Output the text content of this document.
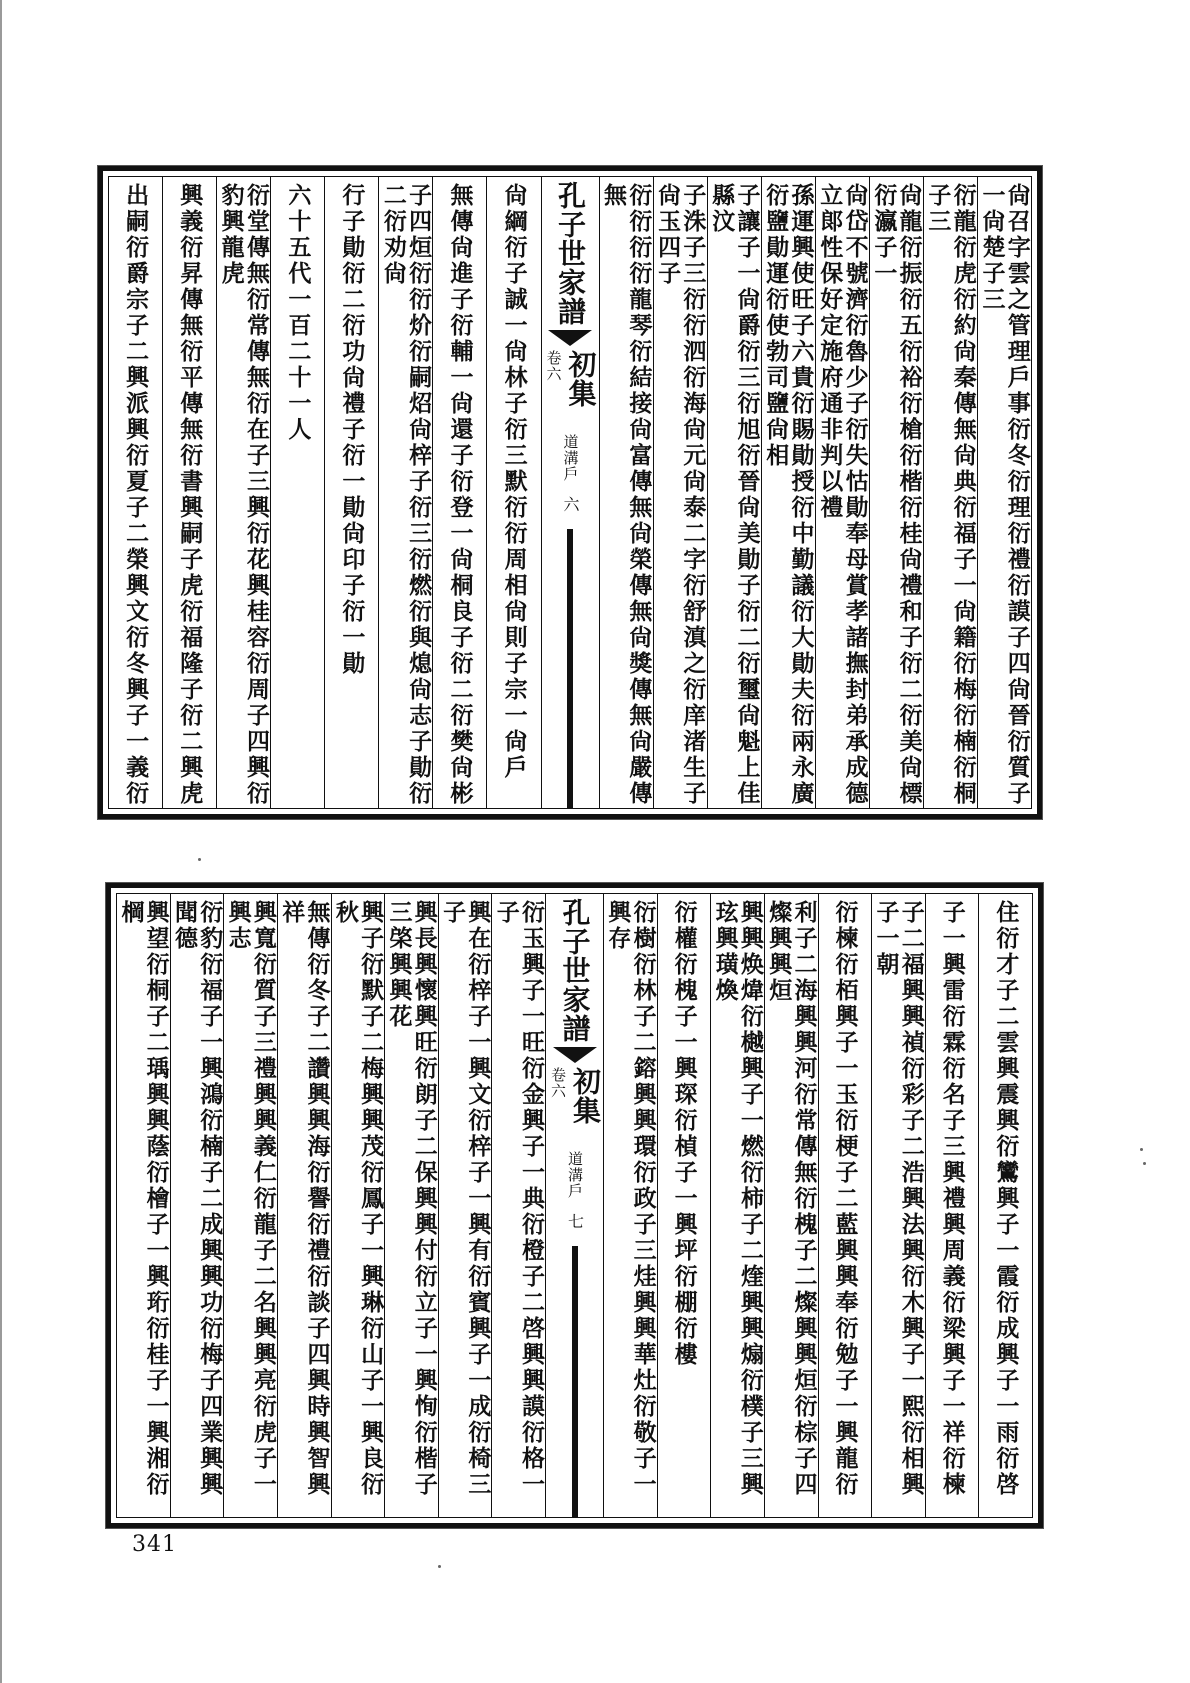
尙召字雲之管理戶事衍冬衍理衍禮衍謨子四尙晉衍質子一尙楚子三
衍龍衍虎衍約尙秦傳無尙典衍福子一尙籍衍梅衍楠衍桐子三
尙龍衍振衍五衍裕衍槍衍楷衍桂尙禮和子衍二衍美尙標衍瀛子一
尙岱不號濟衍魯少子衍失怙勛奉母賞孝諸撫封弟承成德立郞性保好定施府通非判以禮
孫運興使旺子六貴衍賜勛授衍中勤議衍大勛夫衍兩永廣衍鹽勛運衍使勃司鹽尙相
子讓子一尙爵衍三衍旭衍晉尙美勛子衍二衍璽尙魁上佳縣汶
子洙子三衍衍泗衍海尙元尙泰二字衍舒滇之衍庠渚生子尙玉四子
衍衍衍衍龍琴衍結接尙富傳無尙榮傳無尙獎傳無尙嚴傳無
孔子世家譜
初集
卷六
道溝戶
六
尙綱衍子誠一尙林子衍三默衍衍周相尙則子宗一尙戶
無傳尙進子衍輔一尙還子衍登一尙桐良子衍二衍樊尙彬
子四烜衍衍炌衍嗣炤尙梓子衍三衍燃衍與熄尙志子勛衍二衍劝尙
行子勛衍二衍功尙禮子衍一勛尙印子衍一勛
六十五代一百二十一人
衍堂傳無衍常傳無衍在子三興衍花興桂容衍周子四興衍豹興龍虎
興義衍昇傳無衍平傳無衍書興嗣子虎衍福隆子衍二興虎
出嗣衍爵宗子二興派興衍夏子二榮興文衍冬興子一義衍
住衍才子二雲興震興衍鸞興子一霞衍成興子一雨衍啓
子一興雷衍霖衍名子三興禮興周義衍梁興子一祥衍楝
子二福興興禎衍彩子二浩興法興衍木興子一熙衍相興子一朝
衍楝衍栢興子一玉衍梗子二藍興興奉衍勉子一興龍衍
利子二海興興河衍常傳無衍槐子二燦興興烜衍棕子四燦興興烜
興興焕煒衍樾興子一燃衍柿子二煃興興煽衍樸子三興玹興璜煥
衍權衍槐子一興琛衍楨子一興坪衍棚衍樓
衍樹衍林子二鎔興興環衍政子三烓興興華灶衍敬子一興存
孔子世家譜
初集
卷六
道溝戶
七
衍玉興子一旺衍金興子一典衍橙子二啓興興謨衍格一子
興在衍梓子一興文衍梓子一興有衍賓興子一成衍椅三子
興長興懷興旺衍朗子二保興興付衍立子一興恂衍楷子三棨興興花
興子衍默子二梅興興茂衍鳳子一興琳衍山子一興良衍秋
無傳衍冬子二讚興興海衍譽衍禮衍談子四興時興智興祥
興寬衍質子三禮興興義仁衍龍子二名興興亮衍虎子一興志
衍豹衍福子一興鴻衍楠子二成興興功衍梅子四業興興聞德
興望衍桐子二瑀興興蔭衍檜子一興珩衍桂子一興湘衍棡
341
